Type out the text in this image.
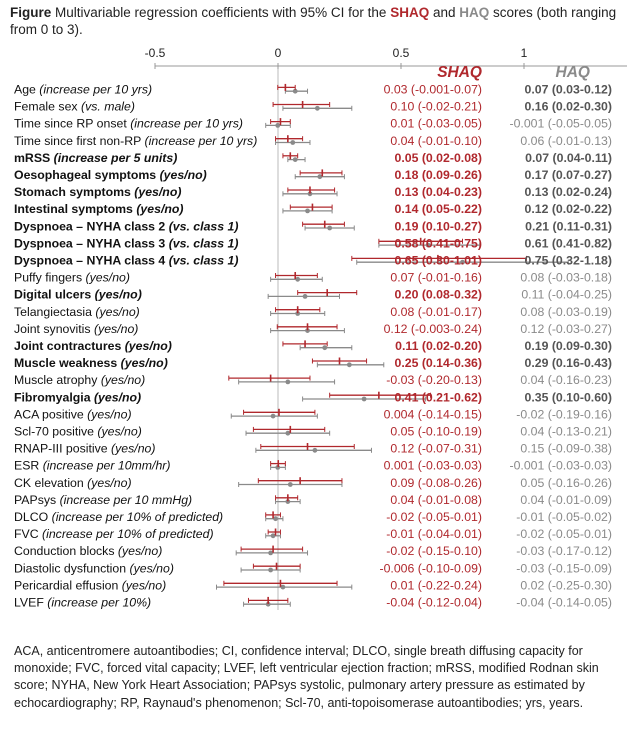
Figure Multivariable regression coefficients with 95% CI for the SHAQ and HAQ scores (both ranging from 0 to 3).
-0.5	0	0.5	1
SHAQ	HAQ
Age (increase per 10 yrs)	0.03 (-0.001-0.07)	0.07 (0.03-0.12)
Female sex (vs. male)	0.10 (-0.02-0.21)	0.16 (0.02-0.30)
Time since RP onset (increase per 10 yrs)	0.01 (-0.03-0.05) -0.001 (-0.05-0.05)
Time since first non-RP (increase per 10 yrs)	0.04 (-0.01-0.10)	0.06 (-0.01-0.13)
mRSS (increase per 5 units)	0.05 (0.02-0.08)	0.07 (0.04-0.11)
Oesophageal symptoms (yes/no)	0.18 (0.09-0.26)	0.17 (0.07-0.27)
Stomach symptoms (yes/no)	0.13 (0.04-0.23)	0.13 (0.02-0.24)
Intestinal symptoms (yes/no)	0.14 (0.05-0.22)	0.12 (0.02-0.22)
Dyspnoea – NYHA class 2 (vs. class 1)	0.19 (0.10-0.27)	0.21 (0.11-0.31)
Dyspnoea – NYHA class 3 (vs. class 1)	0.58 (0.41-0.75)	0.61 (0.41-0.82)
Dyspnoea – NYHA class 4 (vs. class 1)	0.65 (0.30-1.01)	0.75 (0.32-1.18)
Puffy fingers (yes/no)	0.07 (-0.01-0.16)	0.08 (-0.03-0.18)
Digital ulcers (yes/no)	0.20 (0.08-0.32)	0.11 (-0.04-0.25)
Telangiectasia (yes/no)	0.08 (-0.01-0.17)	0.08 (-0.03-0.19)
Joint synovitis (yes/no)	0.12 (-0.003-0.24)	0.12 (-0.03-0.27)
Joint contractures (yes/no)	0.11 (0.02-0.20)	0.19 (0.09-0.30)
Muscle weakness (yes/no)	0.25 (0.14-0.36)	0.29 (0.16-0.43)
Muscle atrophy (yes/no)	-0.03 (-0.20-0.13)	0.04 (-0.16-0.23)
Fibromyalgia (yes/no)	0.41 (0.21-0.62)	0.35 (0.10-0.60)
ACA positive (yes/no)	0.004 (-0.14-0.15)	-0.02 (-0.19-0.16)
Scl-70 positive (yes/no)	0.05 (-0.10-0.19)	0.04 (-0.13-0.21)
RNAP-III positive (yes/no)	0.12 (-0.07-0.31)	0.15 (-0.09-0.38)
ESR (increase per 10mm/hr)	0.001 (-0.03-0.03) -0.001 (-0.03-0.03)
CK elevation (yes/no)	0.09 (-0.08-0.26)	0.05 (-0.16-0.26)
PAPsys (increase per 10 mmHg)	0.04 (-0.01-0.08)	0.04 (-0.01-0.09)
DLCO (increase per 10% of predicted)	-0.02 (-0.05-0.01)	-0.01 (-0.05-0.02)
FVC (increase per 10% of predicted)	-0.01 (-0.04-0.01)	-0.02 (-0.05-0.01)
Conduction blocks (yes/no)	-0.02 (-0.15-0.10)	-0.03 (-0.17-0.12)
Diastolic dysfunction (yes/no)	-0.006 (-0.10-0.09)	-0.03 (-0.15-0.09)
Pericardial effusion (yes/no)	0.01 (-0.22-0.24)	0.02 (-0.25-0.30)
LVEF (increase per 10%)	-0.04 (-0.12-0.04)	-0.04 (-0.14-0.05)
ACA, anticentromere autoantibodies; CI, confidence interval; DLCO, single breath diffusing capacity for monoxide; FVC, forced vital capacity; LVEF, left ventricular ejection fraction; mRSS, modified Rodnan skin score; NYHA, New York Heart Association; PAPsys systolic, pulmonary artery pressure as estimated by echocardiography; RP, Raynaud's phenomenon; Scl-70, anti-topoisomerase autoantibodies; yrs, years.
